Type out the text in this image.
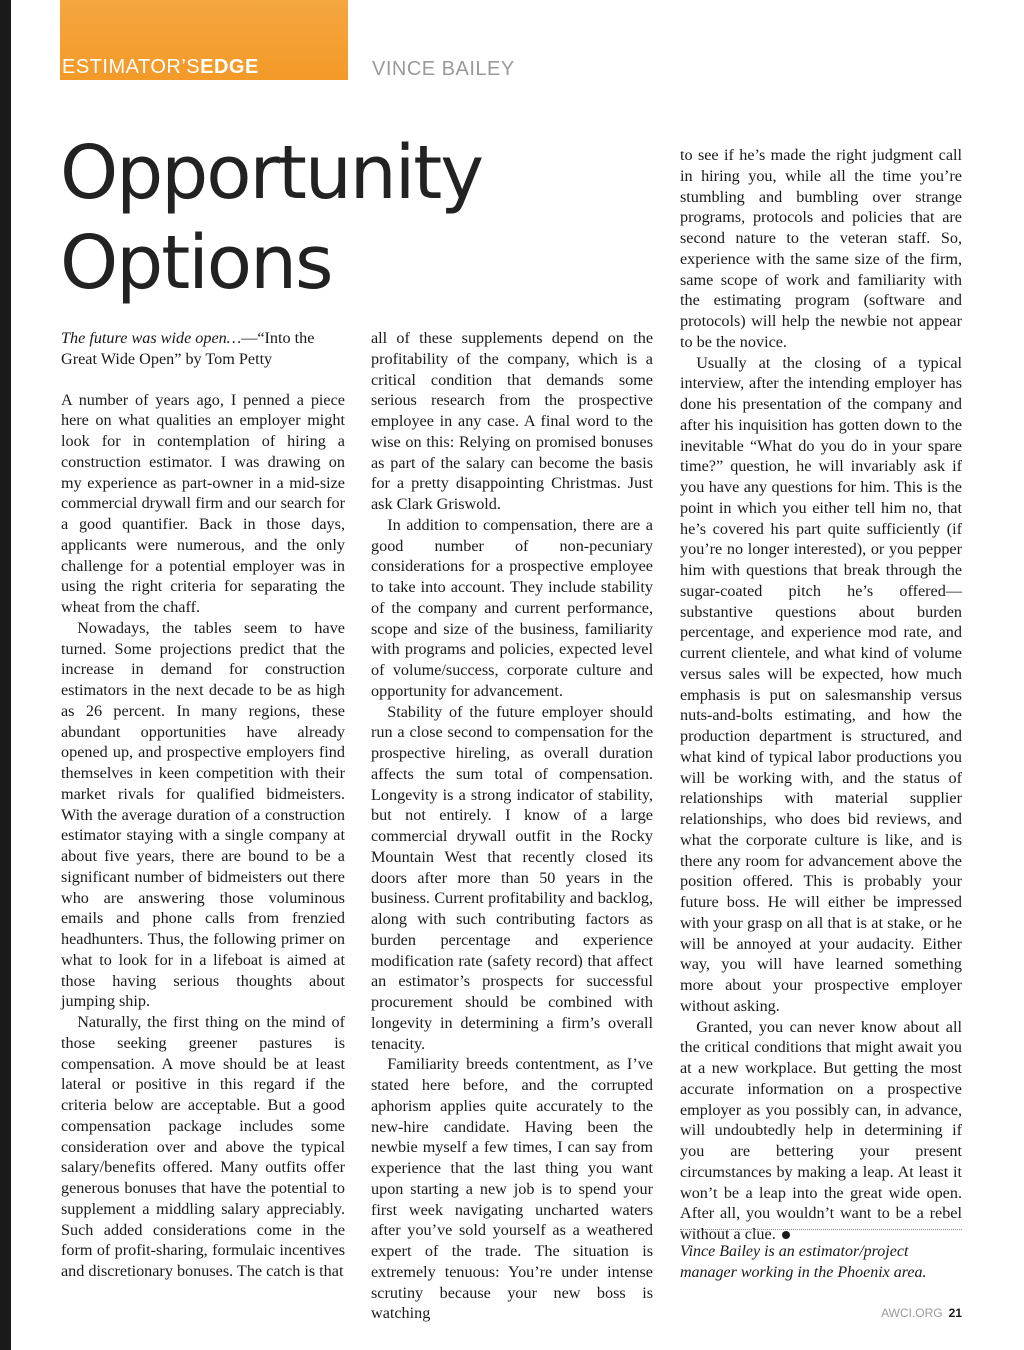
ESTIMATOR’SEDGE	VINCE BAILEY
Opportunity
Options

The future was wide open…—“Into the Great Wide Open” by Tom Petty

A number of years ago, I penned a piece here on what qualities an employer might look for in contemplation of hiring a construction estimator. I was drawing on my experience as part-owner in a mid-size commercial drywall firm and our search for a good quantifier. Back in those days, applicants were numerous, and the only challenge for a potential employer was in using the right criteria for separating the wheat from the chaff.

Nowadays, the tables seem to have turned. Some projections predict that the increase in demand for construction estimators in the next decade to be as high as 26 percent. In many regions, these abundant opportunities have already opened up, and prospective employers find themselves in keen competition with their market rivals for qualified bidmeisters. With the average duration of a construction estimator staying with a single company at about five years, there are bound to be a significant number of bidmeisters out there who are answering those voluminous emails and phone calls from frenzied headhunters. Thus, the following primer on what to look for in a lifeboat is aimed at those having serious thoughts about jumping ship.

Naturally, the first thing on the mind of those seeking greener pastures is compensation. A move should be at least lateral or positive in this regard if the criteria below are acceptable. But a good compensation package includes some consideration over and above the typical salary/benefits offered. Many outfits offer generous bonuses that have the potential to supplement a middling salary appreciably. Such added considerations come in the form of profit-sharing, formulaic incentives and discretionary bonuses. The catch is that

all of these supplements depend on the profitability of the company, which is a critical condition that demands some serious research from the prospective employee in any case. A final word to the wise on this: Relying on promised bonuses as part of the salary can become the basis for a pretty disappointing Christmas. Just ask Clark Griswold.

In addition to compensation, there are a good number of non-pecuniary considerations for a prospective employee to take into account. They include stability of the company and current performance, scope and size of the business, familiarity with programs and policies, expected level of volume/success, corporate culture and opportunity for advancement.

Stability of the future employer should run a close second to compensation for the prospective hireling, as overall duration affects the sum total of compensation. Longevity is a strong indicator of stability, but not entirely. I know of a large commercial drywall outfit in the Rocky Mountain West that recently closed its doors after more than 50 years in the business. Current profitability and backlog, along with such contributing factors as burden percentage and experience modification rate (safety record) that affect an estimator’s prospects for successful procurement should be combined with longevity in determining a firm’s overall tenacity.

Familiarity breeds contentment, as I’ve stated here before, and the corrupted aphorism applies quite accurately to the new-hire candidate. Having been the newbie myself a few times, I can say from experience that the last thing you want upon starting a new job is to spend your first week navigating uncharted waters after you’ve sold yourself as a weathered expert of the trade. The situation is extremely tenuous: You’re under intense scrutiny because your new boss is watching

to see if he’s made the right judgment call in hiring you, while all the time you’re stumbling and bumbling over strange programs, protocols and policies that are second nature to the veteran staff. So, experience with the same size of the firm, same scope of work and familiarity with the estimating program (software and protocols) will help the newbie not appear to be the novice.

Usually at the closing of a typical interview, after the intending employer has done his presentation of the company and after his inquisition has gotten down to the inevitable “What do you do in your spare time?” question, he will invariably ask if you have any questions for him. This is the point in which you either tell him no, that he’s covered his part quite sufficiently (if you’re no longer interested), or you pepper him with questions that break through the sugar-coated pitch he’s offered—substantive questions about burden percentage, and experience mod rate, and current clientele, and what kind of volume versus sales will be expected, how much emphasis is put on salesmanship versus nuts-and-bolts estimating, and how the production department is structured, and what kind of typical labor productions you will be working with, and the status of relationships with material supplier relationships, who does bid reviews, and what the corporate culture is like, and is there any room for advancement above the position offered. This is probably your future boss. He will either be impressed with your grasp on all that is at stake, or he will be annoyed at your audacity. Either way, you will have learned something more about your prospective employer without asking.

Granted, you can never know about all the critical conditions that might await you at a new workplace. But getting the most accurate information on a prospective employer as you possibly can, in advance, will undoubtedly help in determining if you are bettering your present circumstances by making a leap. At least it won’t be a leap into the great wide open. After all, you wouldn’t want to be a rebel without a clue.

Vince Bailey is an estimator/project manager working in the Phoenix area.
AWCI.ORG 21
